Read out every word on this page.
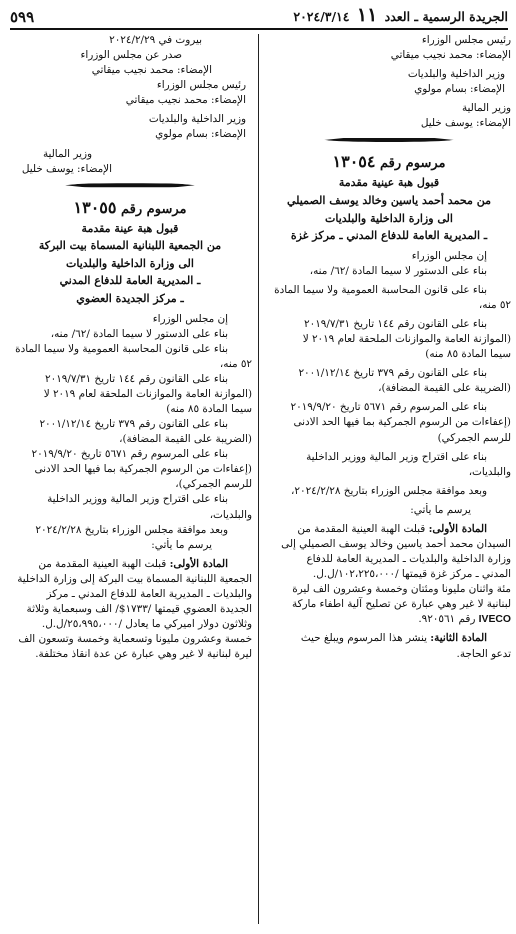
الجريدة الرسمية ـ العدد ١١ ٢٠٢٤/٣/١٤
٥٩٩
رئيس مجلس الوزراء
الإمضاء: محمد نجيب ميقاتي
وزير الداخلية والبلديات
الإمضاء: بسام مولوي
وزير المالية
الإمضاء: يوسف خليل
مرسوم رقم ١٣٠٥٤
قبول هبة عينية مقدمة
من محمد أحمد ياسين وخالد يوسف الصميلي
الى وزارة الداخلية والبلديات
ـ المديرية العامة للدفاع المدني ـ مركز غزة
إن مجلس الوزراء
بناء على الدستور لا سيما المادة /٦٢/ منه،
بناء على قانون المحاسبة العمومية ولا سيما المادة
٥٢ منه،
بناء على القانون رقم ١٤٤ تاريخ ٢٠١٩/٧/٣١
(الموازنة العامة والموازنات الملحقة لعام ٢٠١٩ لا
سيما المادة ٨٥ منه)
بناء على القانون رقم ٣٧٩ تاريخ ٢٠٠١/١٢/١٤
(الضريبة على القيمة المضافة)،
بناء على المرسوم رقم ٥٦٧١ تاريخ ٢٠١٩/٩/٢٠
(إعفاءات من الرسوم الجمركية بما فيها الحد الادنى
للرسم الجمركي)
بناء على اقتراح وزير المالية ووزير الداخلية
والبلديات،
وبعد موافقة مجلس الوزراء بتاريخ ٢٠٢٤/٢/٢٨،
يرسم ما يأتي:
المادة الأولى: قبلت الهبة العينية المقدمة من
السيدان محمد أحمد ياسين وخالد يوسف الصميلي إلى
وزارة الداخلية والبلديات ـ المديرية العامة للدفاع
المدني ـ مركز غزة قيمتها /١٠٢،٢٢٥،٠٠٠/ل.ل.
مئة واثنان مليونا ومئتان وخمسة وعشرون الف ليرة
لبنانية لا غير وهي عبارة عن تصليح آلية اطفاء ماركة
IVECO رقم ٩٢٠٥٦١.
المادة الثانية: ينشر هذا المرسوم ويبلغ حيث
تدعو الحاجة.
بيروت في ٢٠٢٤/٢/٢٩
صدر عن مجلس الوزراء
الإمضاء: محمد نجيب ميقاتي
رئيس مجلس الوزراء
الإمضاء: محمد نجيب ميقاتي
وزير الداخلية والبلديات
الإمضاء: بسام مولوي
وزير المالية
الإمضاء: يوسف خليل
مرسوم رقم ١٣٠٥٥
قبول هبة عينة مقدمة
من الجمعية اللبنانية المسماة بيت البركة
الى وزارة الداخلية والبلديات
ـ المديرية العامة للدفاع المدني
ـ مركز الجديدة العضوي
إن مجلس الوزراء
بناء على الدستور لا سيما المادة /٦٢/ منه،
بناء على قانون المحاسبة العمومية ولا سيما المادة
٥٢ منه،
بناء على القانون رقم ١٤٤ تاريخ ٢٠١٩/٧/٣١
(الموازنة العامة والموازنات الملحقة لعام ٢٠١٩ لا
سيما المادة ٨٥ منه)
بناء على القانون رقم ٣٧٩ تاريخ ٢٠٠١/١٢/١٤
(الضريبة على القيمة المضافة)،
بناء على المرسوم رقم ٥٦٧١ تاريخ ٢٠١٩/٩/٢٠
(إعفاءات من الرسوم الجمركية بما فيها الحد الادنى
للرسم الجمركي)،
بناء على اقتراح وزير المالية ووزير الداخلية
والبلديات،
وبعد موافقة مجلس الوزراء بتاريخ ٢٠٢٤/٢/٢٨
يرسم ما يأتي:
المادة الأولى: قبلت الهبة العينية المقدمة من
الجمعية اللبنانية المسماة بيت البركة إلى وزارة الداخلية
والبلديات ـ المديرية العامة للدفاع المدني ـ مركز
الجديدة العضوي قيمتها /١٧٣٣$/ الف وسبعماية وثلاثة
وثلاثون دولار اميركي ما يعادل /٢٥،٩٩٥،٠٠٠/ل.ل.
خمسة وعشرون مليونا وتسعماية وخمسة وتسعون الف
ليرة لبنانية لا غير وهي عبارة عن عدة انقاذ مختلفة.
